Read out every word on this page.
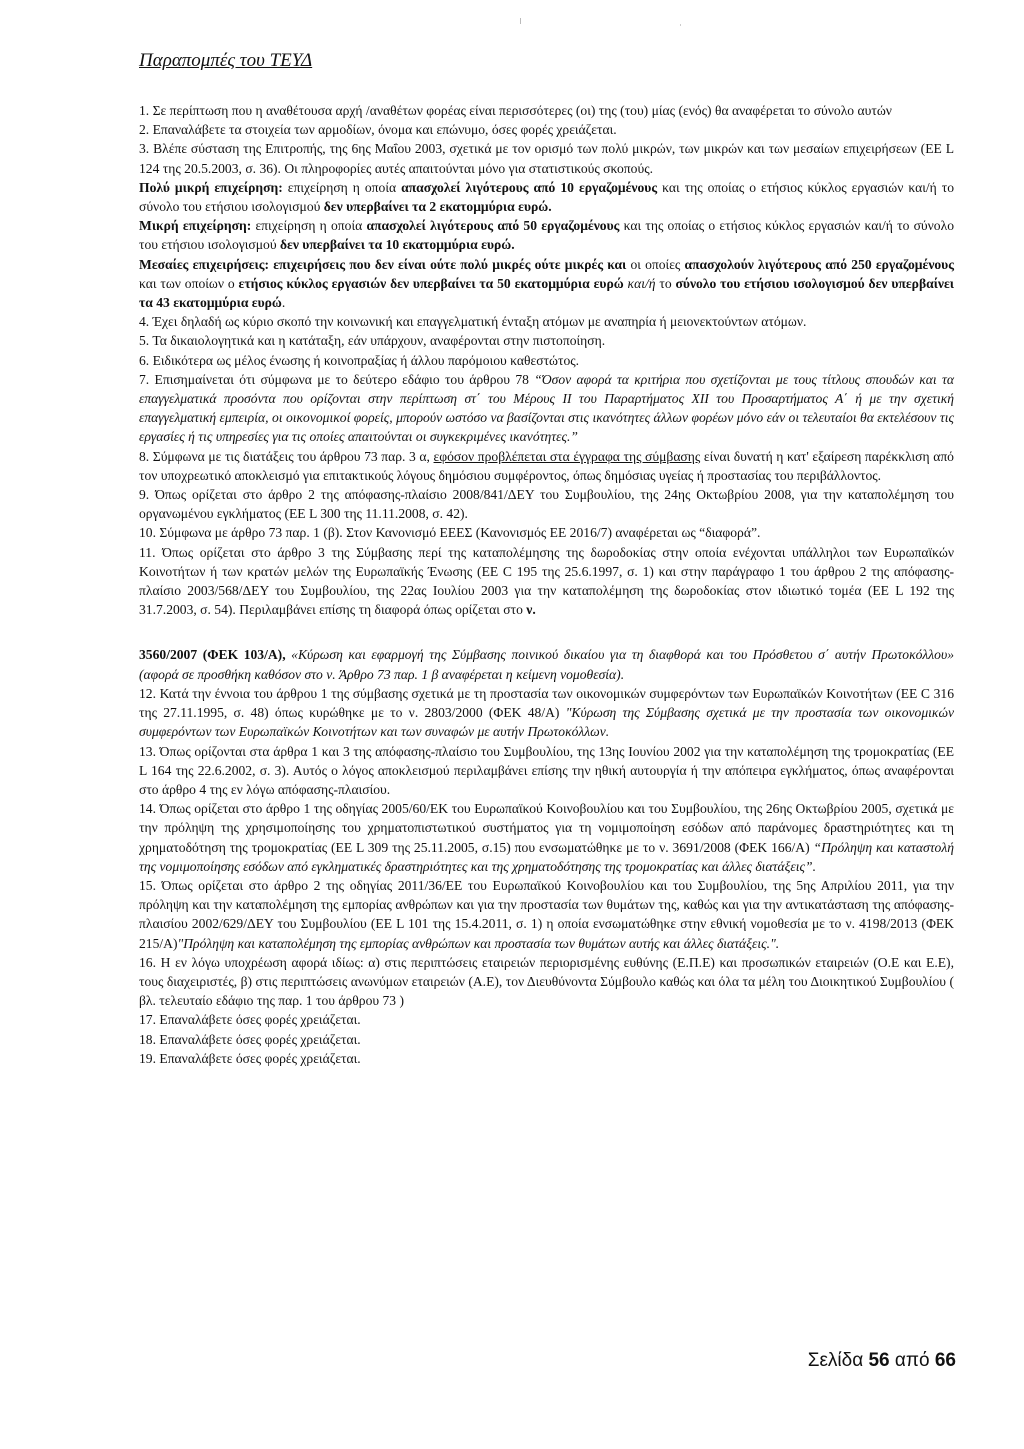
Παραπομπές του ΤΕΥΔ

1. Σε περίπτωση που η αναθέτουσα αρχή /αναθέτων φορέας είναι περισσότερες (οι) της (του) μίας (ενός) θα αναφέρεται το σύνολο αυτών

2. Επαναλάβετε τα στοιχεία των αρμοδίων, όνομα και επώνυμο, όσες φορές χρειάζεται.

3. Βλέπε σύσταση της Επιτροπής, της 6ης Μαΐου 2003, σχετικά με τον ορισμό των πολύ μικρών, των μικρών και των μεσαίων επιχειρήσεων (ΕΕ L 124 της 20.5.2003, σ. 36). Οι πληροφορίες αυτές απαιτούνται μόνο για στατιστικούς σκοπούς.

Πολύ μικρή επιχείρηση: επιχείρηση η οποία απασχολεί λιγότερους από 10 εργαζομένους και της οποίας ο ετήσιος κύκλος εργασιών και/ή το σύνολο του ετήσιου ισολογισμού δεν υπερβαίνει τα 2 εκατομμύρια ευρώ.

Μικρή επιχείρηση: επιχείρηση η οποία απασχολεί λιγότερους από 50 εργαζομένους και της οποίας ο ετήσιος κύκλος εργασιών και/ή το σύνολο του ετήσιου ισολογισμού δεν υπερβαίνει τα 10 εκατομμύρια ευρώ.

Μεσαίες επιχειρήσεις: επιχειρήσεις που δεν είναι ούτε πολύ μικρές ούτε μικρές και οι οποίες απασχολούν λιγότερους από 250 εργαζομένους και των οποίων ο ετήσιος κύκλος εργασιών δεν υπερβαίνει τα 50 εκατομμύρια ευρώ και/ή το σύνολο του ετήσιου ισολογισμού δεν υπερβαίνει τα 43 εκατομμύρια ευρώ.

4. Έχει δηλαδή ως κύριο σκοπό την κοινωνική και επαγγελματική ένταξη ατόμων με αναπηρία ή μειονεκτούντων ατόμων.

5. Τα δικαιολογητικά και η κατάταξη, εάν υπάρχουν, αναφέρονται στην πιστοποίηση.

6. Ειδικότερα ως μέλος ένωσης ή κοινοπραξίας ή άλλου παρόμοιου καθεστώτος.

7. Επισημαίνεται ότι σύμφωνα με το δεύτερο εδάφιο του άρθρου 78 “Όσον αφορά τα κριτήρια που σχετίζονται με τους τίτλους σπουδών και τα επαγγελματικά προσόντα που ορίζονται στην περίπτωση στ΄ του Μέρους ΙΙ του Παραρτήματος XII του Προσαρτήματος Α΄ ή με την σχετική επαγγελματική εμπειρία, οι οικονομικοί φορείς, μπορούν ωστόσο να βασίζονται στις ικανότητες άλλων φορέων μόνο εάν οι τελευταίοι θα εκτελέσουν τις εργασίες ή τις υπηρεσίες για τις οποίες απαιτούνται οι συγκεκριμένες ικανότητες.”

8. Σύμφωνα με τις διατάξεις του άρθρου 73 παρ. 3 α, εφόσον προβλέπεται στα έγγραφα της σύμβασης είναι δυνατή η κατ' εξαίρεση παρέκκλιση από τον υποχρεωτικό αποκλεισμό για επιτακτικούς λόγους δημόσιου συμφέροντος, όπως δημόσιας υγείας ή προστασίας του περιβάλλοντος.

9. Όπως ορίζεται στο άρθρο 2 της απόφασης-πλαίσιο 2008/841/ΔΕΥ του Συμβουλίου, της 24ης Οκτωβρίου 2008, για την καταπολέμηση του οργανωμένου εγκλήματος (ΕΕ L 300 της 11.11.2008, σ. 42).

10. Σύμφωνα με άρθρο 73 παρ. 1 (β). Στον Κανονισμό ΕΕΕΣ (Κανονισμός ΕΕ 2016/7) αναφέρεται ως “διαφορά”.

11. Όπως ορίζεται στο άρθρο 3 της Σύμβασης περί της καταπολέμησης της δωροδοκίας στην οποία ενέχονται υπάλληλοι των Ευρωπαϊκών Κοινοτήτων ή των κρατών μελών της Ευρωπαϊκής Ένωσης (ΕΕ C 195 της 25.6.1997, σ. 1) και στην παράγραφο 1 του άρθρου 2 της απόφασης-πλαίσιο 2003/568/ΔΕΥ του Συμβουλίου, της 22ας Ιουλίου 2003 για την καταπολέμηση της δωροδοκίας στον ιδιωτικό τομέα (ΕΕ L 192 της 31.7.2003, σ. 54). Περιλαμβάνει επίσης τη διαφορά όπως ορίζεται στο ν.

3560/2007 (ΦΕΚ 103/Α), «Κύρωση και εφαρμογή της Σύμβασης ποινικού δικαίου για τη διαφθορά και του Πρόσθετου σ΄ αυτήν Πρωτοκόλλου» (αφορά σε προσθήκη καθόσον στο ν. Άρθρο 73 παρ. 1 β αναφέρεται η κείμενη νομοθεσία).

12. Κατά την έννοια του άρθρου 1 της σύμβασης σχετικά με τη προστασία των οικονομικών συμφερόντων των Ευρωπαϊκών Κοινοτήτων (ΕΕ C 316 της 27.11.1995, σ. 48) όπως κυρώθηκε με το ν. 2803/2000 (ΦΕΚ 48/Α) "Κύρωση της Σύμβασης σχετικά με την προστασία των οικονομικών συμφερόντων των Ευρωπαϊκών Κοινοτήτων και των συναφών με αυτήν Πρωτοκόλλων.

13. Όπως ορίζονται στα άρθρα 1 και 3 της απόφασης-πλαίσιο του Συμβουλίου, της 13ης Ιουνίου 2002 για την καταπολέμηση της τρομοκρατίας (ΕΕ L 164 της 22.6.2002, σ. 3). Αυτός ο λόγος αποκλεισμού περιλαμβάνει επίσης την ηθική αυτουργία ή την απόπειρα εγκλήματος, όπως αναφέρονται στο άρθρο 4 της εν λόγω απόφασης-πλαισίου.

14. Όπως ορίζεται στο άρθρο 1 της οδηγίας 2005/60/ΕΚ του Ευρωπαϊκού Κοινοβουλίου και του Συμβουλίου, της 26ης Οκτωβρίου 2005, σχετικά με την πρόληψη της χρησιμοποίησης του χρηματοπιστωτικού συστήματος για τη νομιμοποίηση εσόδων από παράνομες δραστηριότητες και τη χρηματοδότηση της τρομοκρατίας (ΕΕ L 309 της 25.11.2005, σ.15) που ενσωματώθηκε με το ν. 3691/2008 (ΦΕΚ 166/Α) “Πρόληψη και καταστολή της νομιμοποίησης εσόδων από εγκληματικές δραστηριότητες και της χρηματοδότησης της τρομοκρατίας και άλλες διατάξεις”.

15. Όπως ορίζεται στο άρθρο 2 της οδηγίας 2011/36/ΕΕ του Ευρωπαϊκού Κοινοβουλίου και του Συμβουλίου, της 5ης Απριλίου 2011, για την πρόληψη και την καταπολέμηση της εμπορίας ανθρώπων και για την προστασία των θυμάτων της, καθώς και για την αντικατάσταση της απόφασης-πλαισίου 2002/629/ΔΕΥ του Συμβουλίου (ΕΕ L 101 της 15.4.2011, σ. 1) η οποία ενσωματώθηκε στην εθνική νομοθεσία με το ν. 4198/2013 (ΦΕΚ 215/Α)"Πρόληψη και καταπολέμηση της εμπορίας ανθρώπων και προστασία των θυμάτων αυτής και άλλες διατάξεις.".

16. Η εν λόγω υποχρέωση αφορά ιδίως: α) στις περιπτώσεις εταιρειών περιορισμένης ευθύνης (Ε.Π.Ε) και προσωπικών εταιρειών (Ο.Ε και Ε.Ε), τους διαχειριστές, β) στις περιπτώσεις ανωνύμων εταιρειών (Α.Ε), τον Διευθύνοντα Σύμβουλο καθώς και όλα τα μέλη του Διοικητικού Συμβουλίου ( βλ. τελευταίο εδάφιο της παρ. 1 του άρθρου 73 )

17. Επαναλάβετε όσες φορές χρειάζεται.

18. Επαναλάβετε όσες φορές χρειάζεται.

19. Επαναλάβετε όσες φορές χρειάζεται.

Σελίδα 56 από 66
